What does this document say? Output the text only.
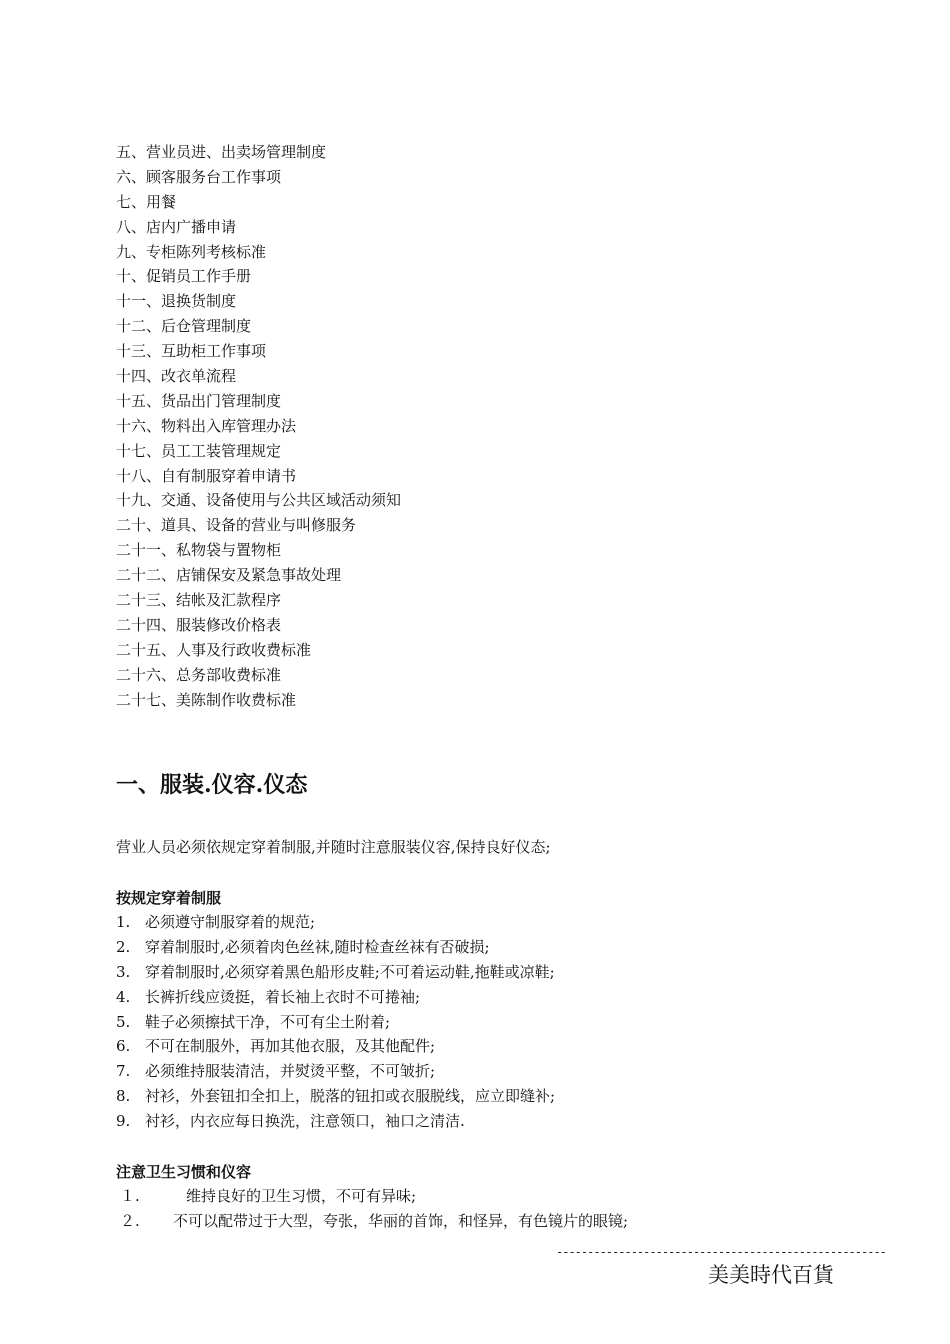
五、营业员进、出卖场管理制度
六、顾客服务台工作事项
七、用餐
八、店内广播申请
九、专柜陈列考核标准
十、促销员工作手册
十一、退换货制度
十二、后仓管理制度
十三、互助柜工作事项
十四、改衣单流程
十五、货品出门管理制度
十六、物料出入库管理办法
十七、员工工装管理规定
十八、自有制服穿着申请书
十九、交通、设备使用与公共区域活动须知
二十、道具、设备的营业与叫修服务
二十一、私物袋与置物柜
二十二、店铺保安及紧急事故处理
二十三、结帐及汇款程序
二十四、服装修改价格表
二十五、人事及行政收费标准
二十六、总务部收费标准
二十七、美陈制作收费标准
一、服装.仪容.仪态
营业人员必须依规定穿着制服,并随时注意服装仪容,保持良好仪态;
按规定穿着制服
1. 必须遵守制服穿着的规范;
2. 穿着制服时,必须着肉色丝袜,随时检查丝袜有否破损;
3. 穿着制服时,必须穿着黑色船形皮鞋;不可着运动鞋,拖鞋或凉鞋;
4. 长裤折线应烫挺，着长袖上衣时不可捲袖;
5. 鞋子必须擦拭干净，不可有尘土附着;
6. 不可在制服外，再加其他衣服，及其他配件;
7. 必须维持服装清洁，并熨烫平整，不可皱折;
8. 衬衫，外套钮扣全扣上，脱落的钮扣或衣服脱线，应立即缝补;
9. 衬衫，内衣应每日换洗，注意领口，袖口之清洁.
注意卫生习惯和仪容
１.	维持良好的卫生习惯，不可有异味;
２. 不可以配带过于大型，夸张，华丽的首饰，和怪异，有色镜片的眼镜;
-----------------------------------------------------
美美時代百貨
